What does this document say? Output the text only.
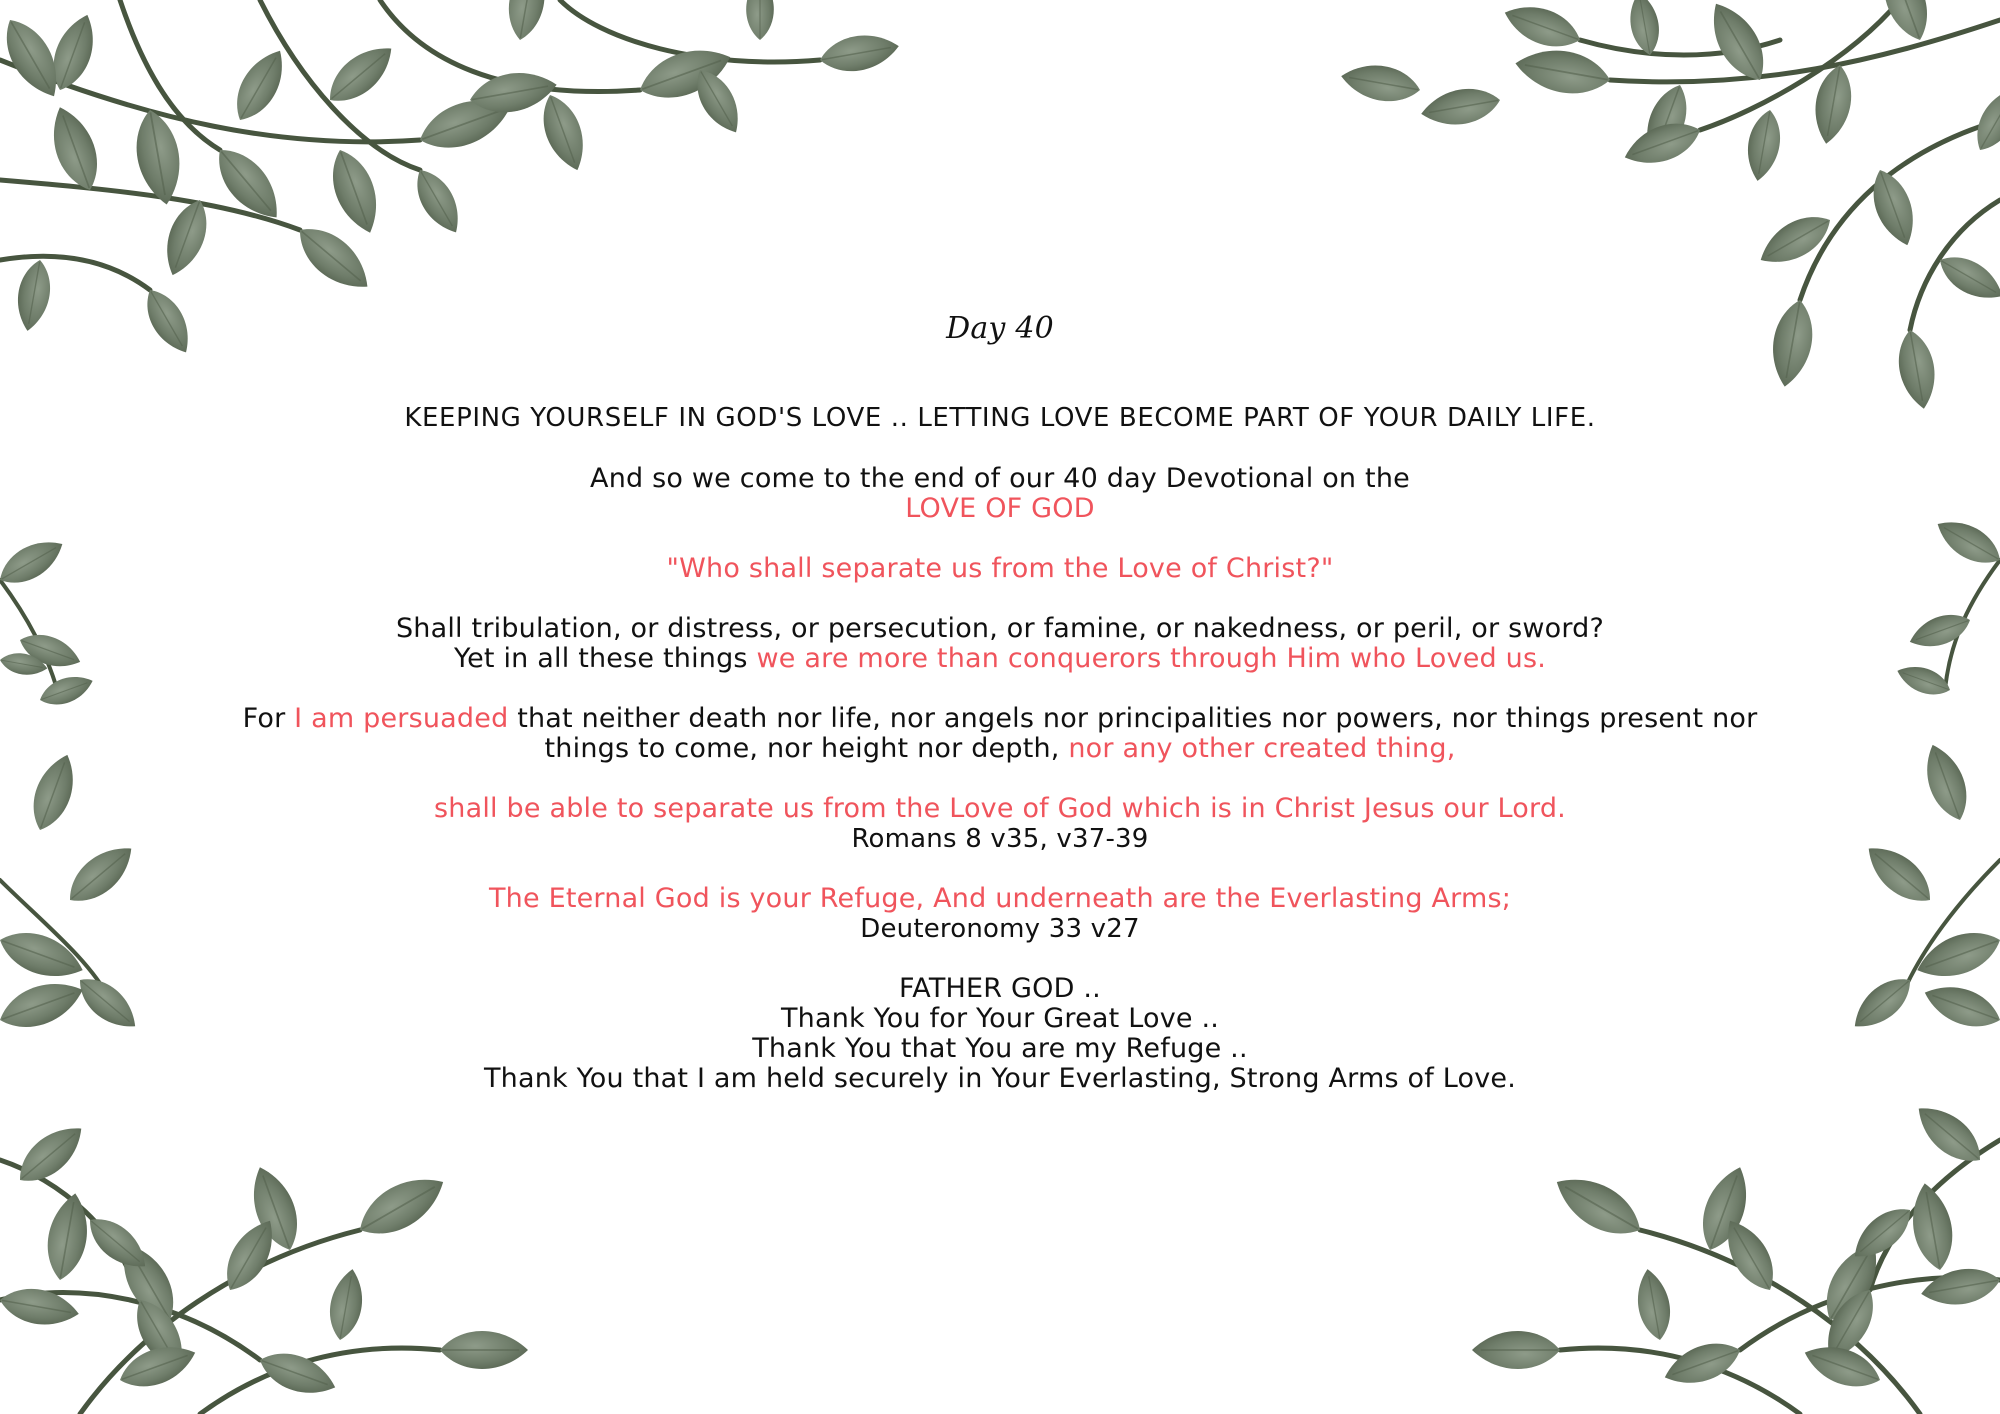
Day 40
KEEPING YOURSELF IN GOD'S LOVE .. LETTING LOVE BECOME PART OF YOUR DAILY LIFE.
And so we come to the end of our 40 day Devotional on the
LOVE OF GOD
"Who shall separate us from the Love of Christ?"
Shall tribulation, or distress, or persecution, or famine, or nakedness, or peril, or sword?
Yet in all these things we are more than conquerors through Him who Loved us.
For I am persuaded that neither death nor life, nor angels nor principalities nor powers, nor things present nor
things to come, nor height nor depth, nor any other created thing,
shall be able to separate us from the Love of God which is in Christ Jesus our Lord.
Romans 8 v35, v37-39
The Eternal God is your Refuge, And underneath are the Everlasting Arms;
Deuteronomy 33 v27
FATHER GOD ..
Thank You for Your Great Love ..
Thank You that You are my Refuge ..
Thank You that I am held securely in Your Everlasting, Strong Arms of Love.
